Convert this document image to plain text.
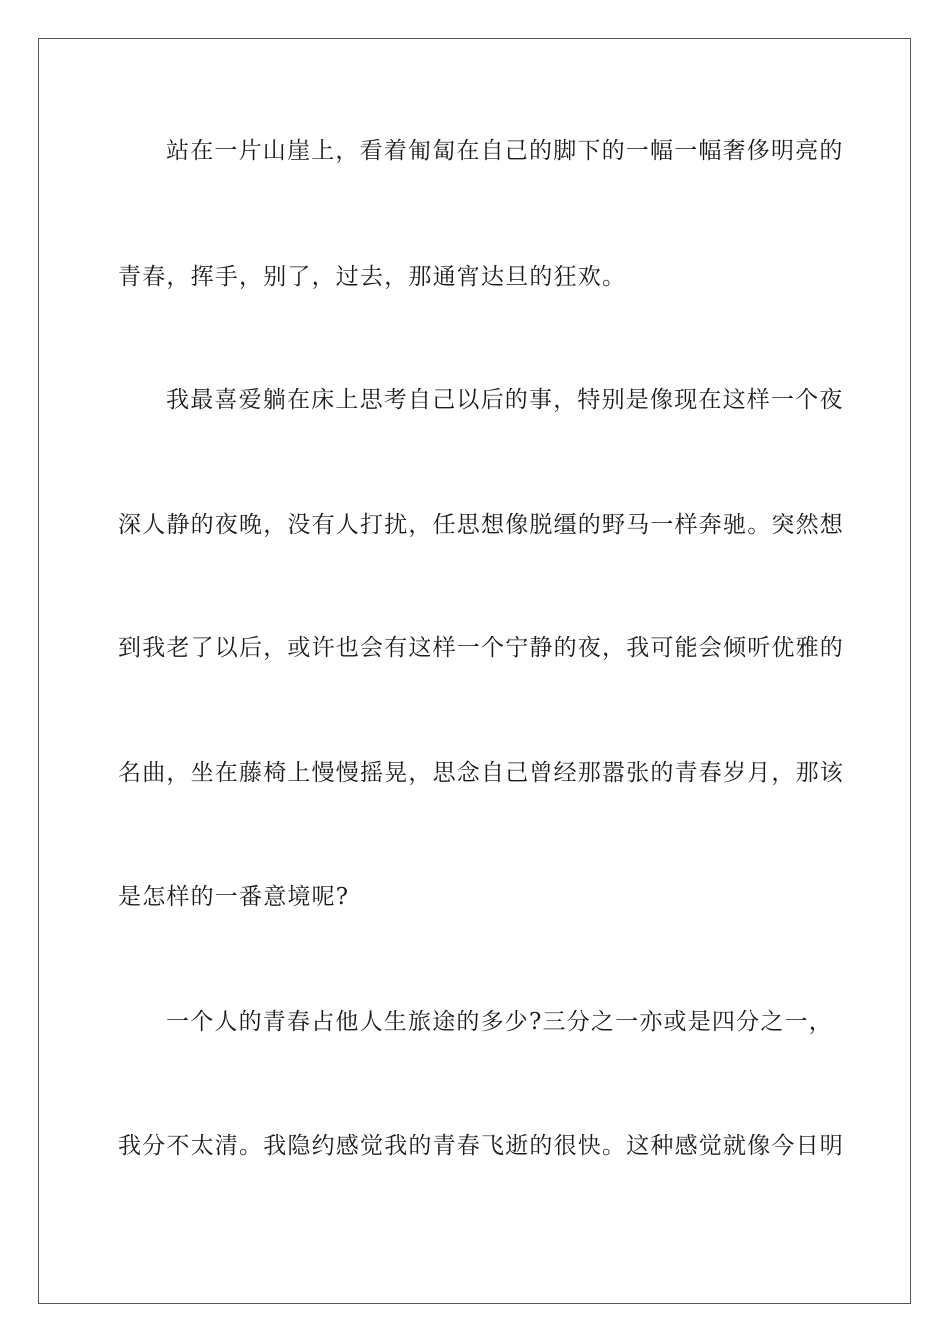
站在一片山崖上，看着匍匐在自己的脚下的一幅一幅奢侈明亮的
青春，挥手，别了，过去，那通宵达旦的狂欢。
我最喜爱躺在床上思考自己以后的事，特别是像现在这样一个夜
深人静的夜晚，没有人打扰，任思想像脱缰的野马一样奔驰。突然想
到我老了以后，或许也会有这样一个宁静的夜，我可能会倾听优雅的
名曲，坐在藤椅上慢慢摇晃，思念自己曾经那嚣张的青春岁月，那该
是怎样的一番意境呢?
一个人的青春占他人生旅途的多少?三分之一亦或是四分之一，
我分不太清。我隐约感觉我的青春飞逝的很快。这种感觉就像今日明
